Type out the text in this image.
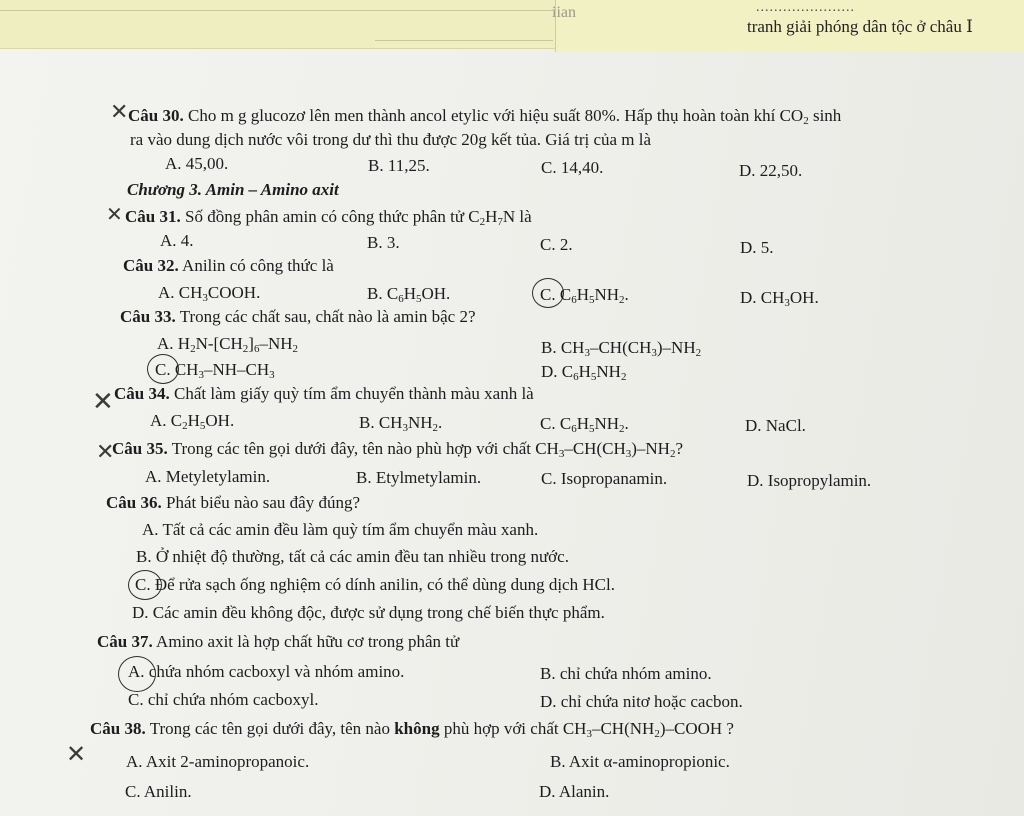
iian	......................
tranh giải phóng dân tộc ở châu Ⅰ
✕ Câu 30. Cho m g glucozơ lên men thành ancol etylic với hiệu suất 80%. Hấp thụ hoàn toàn khí $CO_2$ sinh
ra vào dung dịch nước vôi trong dư thì thu được 20g kết tủa. Giá trị của m là
A. 45,00.	B. 11,25.	C. 14,40.	D. 22,50.
Chương 3. Amin – Amino axit
✕ Câu 31. Số đồng phân amin có công thức phân tử $C_2H_7N$ là
A. 4.	B. 3.	C. 2.	D. 5.
Câu 32. Anilin có công thức là
A. $CH_3COOH$.	B. $C_6H_5OH$.	C. $C_6H_5NH_2$.	D. $CH_3OH$.
Câu 33. Trong các chất sau, chất nào là amin bậc 2?
A. $H_2N-[CH_2]_6-NH_2$	B. $CH_3-CH(CH_3)-NH_2$
C. $CH_3-NH-CH_3$	D. $C_6H_5NH_2$
✕ Câu 34. Chất làm giấy quỳ tím ẩm chuyển thành màu xanh là
A. $C_2H_5OH$.	B. $CH_3NH_2$.	C. $C_6H_5NH_2$.	D. NaCl.
✕
Câu 35. Trong các tên gọi dưới đây, tên nào phù hợp với chất $CH_3-CH(CH_3)-NH_2$?
A. Metyletylamin.	B. Etylmetylamin.	C. Isopropanamin.	D. Isopropylamin.
Câu 36. Phát biểu nào sau đây đúng?
A. Tất cả các amin đều làm quỳ tím ẩm chuyển màu xanh.
B. Ở nhiệt độ thường, tất cả các amin đều tan nhiều trong nước.
C. Để rửa sạch ống nghiệm có dính anilin, có thể dùng dung dịch HCl.
D. Các amin đều không độc, được sử dụng trong chế biến thực phẩm.
Câu 37. Amino axit là hợp chất hữu cơ trong phân tử
A. chứa nhóm cacboxyl và nhóm amino.	B. chỉ chứa nhóm amino.
C. chỉ chứa nhóm cacboxyl.	D. chỉ chứa nitơ hoặc cacbon.
Câu 38. Trong các tên gọi dưới đây, tên nào không phù hợp với chất $CH_3-CH(NH_2)$–COOH ?
✕ A. Axit 2-aminopropanoic.	B. Axit α-aminopropionic.
C. Anilin.	D. Alanin.
